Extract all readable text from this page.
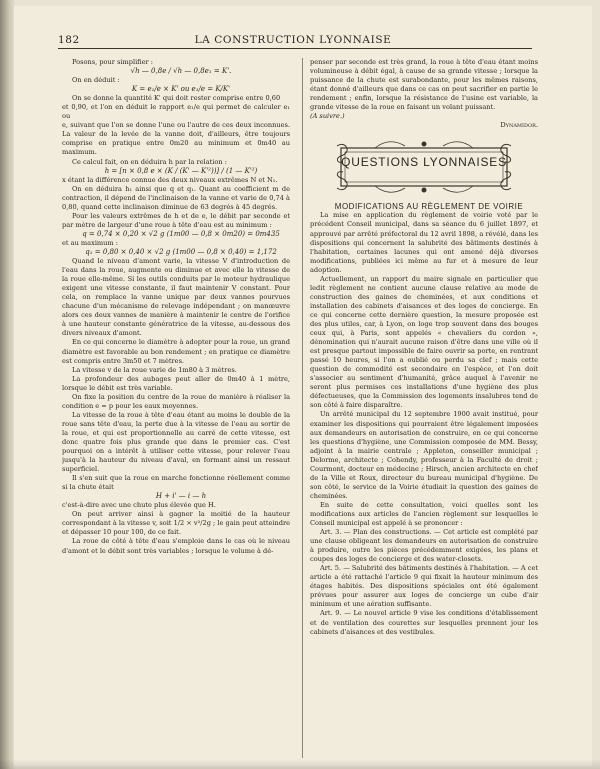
182	LA CONSTRUCTION LYONNAISE

Posons, pour simplifier :

√h — 0,8e / √h — 0,8e₁ = K'.

On en déduit :

K = e₁/e × K' ou e₁/e = K/K'

On se donne la quantité K' qui doit rester comprise entre 0,60

et 0,90, et l'on en déduit le rapport e₁/e qui permet de calculer e₁ ou

e, suivant que l'on se donne l'une ou l'autre de ces deux inconnues. La valeur de la levée de la vanne doit, d'ailleurs, être toujours comprise en pratique entre 0m20 au minimum et 0m40 au maximum.

Ce calcul fait, on en déduira h par la relation :

h = [n × 0,8 e × (K / (K' — K'²))] / (1 — K'²)

x étant la différence connue des deux niveaux extrêmes N et N₁.

On en déduira h₁ ainsi que q et q₁. Quant au coefficient m de contraction, il dépend de l'inclinaison de la vanne et varie de 0,74 à 0,80, quand cette inclinaison diminue de 63 degrés à 45 degrés.

Pour les valeurs extrêmes de h et de e, le débit par seconde et par mètre de largeur d'une roue à tête d'eau est au minimum :

q = 0,74 × 0,20 × √2 g (1m00 — 0,8 × 0m20) = 0m435

et au maximum :

q₁ = 0,80 × 0,40 × √2 g (1m00 — 0,8 × 0,40) = 1,172

Quand le niveau d'amont varie, la vitesse V d'introduction de l'eau dans la roue, augmente ou diminue et avec elle la vitesse de la roue elle-même. Si les outils conduits par le moteur hydraulique exigent une vitesse constante, il faut maintenir V constant. Pour cela, on remplace la vanne unique par deux vannes pourvues chacune d'un mécanisme de relevage indépendant ; on manœuvre alors ces deux vannes de manière à maintenir le centre de l'orifice à une hauteur constante génératrice de la vitesse, au-dessous des divers niveaux d'amont.

En ce qui concerne le diamètre à adopter pour la roue, un grand diamètre est favorable au bon rendement ; en pratique ce diamètre est compris entre 3m50 et 7 mètres.

La vitesse v de la roue varie de 1m80 à 3 mètres.

La profondeur des aubages peut aller de 0m40 à 1 mètre, lorsque le débit est très variable.

On fixe la position du centre de la roue de manière à réaliser la condition e = p pour les eaux moyennes.

La vitesse de la roue à tête d'eau étant au moins le double de la roue sans tête d'eau, la perte due à la vitesse de l'eau au sortir de la roue, et qui est proportionnelle au carré de cette vitesse, est donc quatre fois plus grande que dans le premier cas. C'est pourquoi on a intérêt à utiliser cette vitesse, pour relever l'eau jusqu'à la hauteur du niveau d'aval, en formant ainsi un ressaut superficiel.

Il s'en suit que la roue en marche fonctionne réellement comme si la chute était

H + i' — i — h

c'est-à-dire avec une chute plus élevée que H.

On peut arriver ainsi à gagner la moitié de la hauteur correspondant à la vitesse v, soit 1/2 × v²/2g ; le gain peut atteindre et dépasser 10 pour 100, de ce fait.

La roue de côté à tête d'eau s'emploie dans le cas où le niveau d'amont et le débit sont très variables ; lorsque le volume à dé-

penser par seconde est très grand, la roue à tête d'eau étant moins volumineuse à débit égal, à cause de sa grande vitesse ; lorsque la puissance de la chute est surabondante, pour les mêmes raisons, étant donné d'ailleurs que dans ce cas on peut sacrifier en partie le rendement ; enfin, lorsque la résistance de l'usine est variable, la grande vitesse de la roue en faisant un volant puissant.

(A suivre.)

Dynamidor.

QUESTIONS LYONNAISES

MODIFICATIONS AU RÈGLEMENT DE VOIRIE

La mise en application du règlement de voirie voté par le précédent Conseil municipal, dans sa séance du 6 juillet 1897, et approuvé par arrêté préfectoral du 12 avril 1898, a révélé, dans les dispositions qui concernent la salubrité des bâtiments destinés à l'habitation, certaines lacunes qui ont amené déjà diverses modifications, publiées ici même au fur et à mesure de leur adoption.

Actuellement, un rapport du maire signale en particulier que ledit règlement ne contient aucune clause relative au mode de construction des gaines de cheminées, et aux conditions et installation des cabinets d'aisances et des loges de concierge. En ce qui concerne cette dernière question, la mesure proposée est des plus utiles, car, à Lyon, on loge trop souvent dans des bouges ceux qui, à Paris, sont appelés « chevaliers du cordon », dénomination qui n'aurait aucune raison d'être dans une ville où il est presque partout impossible de faire ouvrir sa porte, en rentrant passé 10 heures, si l'on a oublié ou perdu sa clef ; mais cette question de commodité est secondaire en l'espèce, et l'on doit s'associer au sentiment d'humanité, grâce auquel à l'avenir ne seront plus permises ces installations d'une hygiène des plus défectueuses, que la Commission des logements insalubres tend de son côté à faire disparaître.

Un arrêté municipal du 12 septembre 1900 avait institué, pour examiner les dispositions qui pourraient être légalement imposées aux demandeurs en autorisation de construire, en ce qui concerne les questions d'hygiène, une Commission composée de MM. Bessy, adjoint à la mairie centrale ; Appleton, conseiller municipal ; Delorme, architecte ; Cohendy, professeur à la Faculté de droit ; Courmont, docteur en médecine ; Hirsch, ancien architecte en chef de la Ville et Roux, directeur du bureau municipal d'hygiène. De son côté, le service de la Voirie étudiait la question des gaines de cheminées.

En suite de cette consultation, voici quelles sont les modifications aux articles de l'ancien règlement sur lesquelles le Conseil municipal est appelé à se prononcer :

Art. 3. — Plan des constructions. — Cet article est complété par une clause obligeant les demandeurs en autorisation de construire à produire, outre les pièces précédemment exigées, les plans et coupes des loges de concierge et des water-closets.

Art. 5. — Salubrité des bâtiments destinés à l'habitation. — A cet article a été rattaché l'article 9 qui fixait la hauteur minimum des étages habités. Des dispositions spéciales ont été également prévues pour assurer aux loges de concierge un cube d'air minimum et une aération suffisante.

Art. 9. — Le nouvel article 9 vise les conditions d'établissement et de ventilation des courettes sur lesquelles prennent jour les cabinets d'aisances et des vestibules.
